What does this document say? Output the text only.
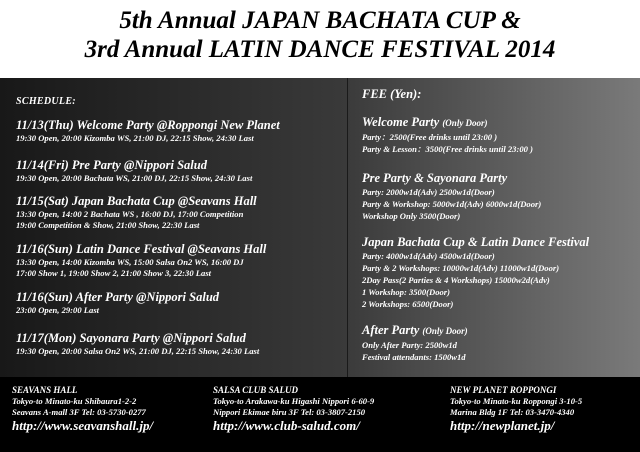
5th Annual JAPAN BACHATA CUP &
3rd Annual LATIN DANCE FESTIVAL 2014
SCHEDULE:
11/13(Thu) Welcome Party @Roppongi New Planet
19:30 Open, 20:00 Kizomba WS, 21:00 DJ, 22:15 Show, 24:30 Last
11/14(Fri) Pre Party @Nippori Salud
19:30 Open, 20:00 Bachata WS, 21:00 DJ, 22:15 Show, 24:30 Last
11/15(Sat) Japan Bachata Cup @Seavans Hall
13:30 Open, 14:00 2 Bachata WS , 16:00 DJ, 17:00 Competition
19:00 Competition & Show, 21:00 Show, 22:30 Last
11/16(Sun) Latin Dance Festival @Seavans Hall
13:30 Open, 14:00 Kizomba WS, 15:00 Salsa On2 WS, 16:00 DJ
17:00 Show 1, 19:00 Show 2, 21:00 Show 3, 22:30 Last
11/16(Sun) After Party @Nippori Salud
23:00 Open, 29:00 Last
11/17(Mon) Sayonara Party @Nippori Salud
19:30 Open, 20:00 Salsa On2 WS, 21:00 DJ, 22:15 Show, 24:30 Last
FEE (Yen):
Welcome Party (Only Door)
Party：2500(Free drinks until 23:00 )
Party & Lesson：3500(Free drinks until 23:00 )
Pre Party & Sayonara Party
Party: 2000w1d(Adv) 2500w1d(Door)
Party & Workshop: 5000w1d(Adv) 6000w1d(Door)
Workshop Only 3500(Door)
Japan Bachata Cup & Latin Dance Festival
Party: 4000w1d(Adv) 4500w1d(Door)
Party & 2 Workshops: 10000w1d(Adv) 11000w1d(Door)
2Day Pass(2 Parties & 4 Workshops) 15000w2d(Adv)
1 Workshop: 3500(Door)
2 Workshops: 6500(Door)
After Party (Only Door)
Only After Party: 2500w1d
Festival attendants: 1500w1d
SEAVANS HALL
Tokyo-to Minato-ku Shibaura1-2-2
Seavans A-mall 3F Tel: 03-5730-0277
http://www.seavanshall.jp/
SALSA CLUB SALUD
Tokyo-to Arakawa-ku Higashi Nippori 6-60-9
Nippori Ekimae biru 3F Tel: 03-3807-2150
http://www.club-salud.com/
NEW PLANET ROPPONGI
Tokyo-to Minato-ku Roppongi 3-10-5
Marina Bldg 1F Tel: 03-3470-4340
http://newplanet.jp/
